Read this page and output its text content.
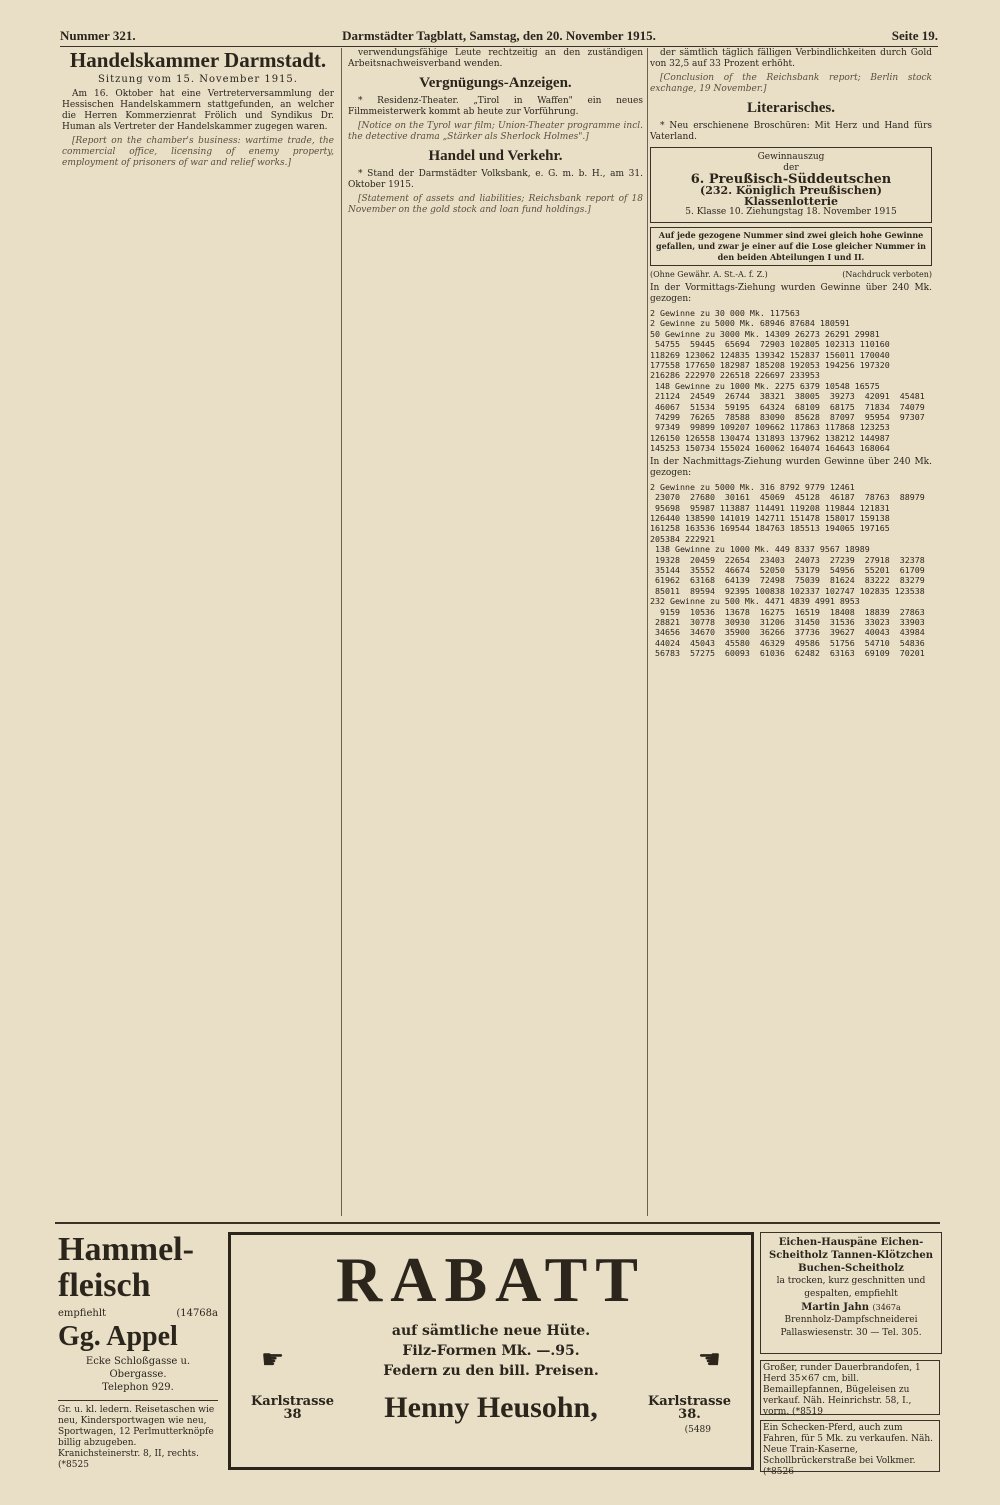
Nummer 321.	Darmstädter Tagblatt, Samstag, den 20. November 1915.	Seite 19.
Handelskammer Darmstadt.
Sitzung vom 15. November 1915.

Am 16. Oktober hat eine Vertreterversammlung der Hessischen Handelskammern stattgefunden, an welcher die Herren Kommerzienrat Frölich und Syndikus Dr. Human als Vertreter der Handelskammer zugegen waren.

[Report on the chamber's business: wartime trade, the commercial office, licensing of enemy property, employment of prisoners of war and relief works.]

verwendungsfähige Leute rechtzeitig an den zuständigen Arbeitsnachweisverband wenden.

Vergnügungs-Anzeigen.

* Residenz-Theater. „Tirol in Waffen" ein neues Filmmeisterwerk kommt ab heute zur Vorführung.

[Notice on the Tyrol war film; Union-Theater programme incl. the detective drama „Stärker als Sherlock Holmes".]

Handel und Verkehr.

* Stand der Darmstädter Volksbank, e. G. m. b. H., am 31. Oktober 1915.

[Statement of assets and liabilities; Reichsbank report of 18 November on the gold stock and loan fund holdings.]

der sämtlich täglich fälligen Verbindlichkeiten durch Gold von 32,5 auf 33 Prozent erhöht.

[Conclusion of the Reichsbank report; Berlin stock exchange, 19 November.]

Literarisches.

* Neu erschienene Broschüren: Mit Herz und Hand fürs Vaterland.

Gewinnauszug
der
6. Preußisch-Süddeutschen
(232. Königlich Preußischen) Klassenlotterie
5. Klasse 10. Ziehungstag 18. November 1915
Auf jede gezogene Nummer sind zwei gleich hohe Gewinne gefallen, und zwar je einer auf die Lose gleicher Nummer in den beiden Abteilungen I und II.
(Ohne Gewähr. A. St.-A. f. Z.)	(Nachdruck verboten)
In der Vormittags-Ziehung wurden Gewinne über 240 Mk. gezogen:
2 Gewinne zu 30 000 Mk. 117563
2 Gewinne zu 5000 Mk. 68946 87684 180591
50 Gewinne zu 3000 Mk. 14309 26273 26291 29981
54755  59445  65694  72903 102805 102313 110160
118269 123062 124835 139342 152837 156011 170040
177558 177650 182987 185208 192053 194256 197320
216286 222970 226518 226697 233953
148 Gewinne zu 1000 Mk. 2275 6379 10548 16575
21124  24549  26744  38321  38005  39273  42091  45481
46067  51534  59195  64324  68109  68175  71834  74079
74299  76265  78588  83090  85628  87097  95954  97307
97349  99899 109207 109662 117863 117868 123253
126150 126558 130474 131893 137962 138212 144987
145253 150734 155024 160062 164074 164643 168064
In der Nachmittags-Ziehung wurden Gewinne über 240 Mk. gezogen:
2 Gewinne zu 5000 Mk. 316 8792 9779 12461
23070  27680  30161  45069  45128  46187  78763  88979
95698  95987 113887 114491 119208 119844 121831
126440 138590 141019 142711 151478 158017 159138
161258 163536 169544 184763 185513 194065 197165
205384 222921
138 Gewinne zu 1000 Mk. 449 8337 9567 18989
19328  20459  22654  23403  24073  27239  27918  32378
35144  35552  46674  52050  53179  54956  55201  61709
61962  63168  64139  72498  75039  81624  83222  83279
85011  89594  92395 100838 102337 102747 102835 123538
232 Gewinne zu 500 Mk. 4471 4839 4991 8953
9159  10536  13678  16275  16519  18408  18839  27863
28821  30778  30930  31206  31450  31536  33023  33903
34656  34670  35900  36266  37736  39627  40043  43984
44024  45043  45580  46329  49586  51756  54710  54836
56783  57275  60093  61036  62482  63163  69109  70201
Hammel-
fleisch
empfiehlt	(14768a
Gg. Appel
Ecke Schloßgasse u. Obergasse.
Telephon 929.
Gr. u. kl. ledern. Reisetaschen wie neu, Kindersportwagen wie neu, Sportwagen, 12 Perlmutterknöpfe billig abzugeben. Kranichsteinerstr. 8, II, rechts. (*8525
RABATT
☛	☚
auf sämtliche neue Hüte.
Filz-Formen Mk. —.95.
Federn zu den bill. Preisen.
Karlstrasse
38	Henny Heusohn,	Karlstrasse
38.
(5489
Eichen-Hauspäne Eichen-Scheitholz Tannen-Klötzchen Buchen-Scheitholz
la trocken, kurz geschnitten und gespalten, empfiehlt
Martin Jahn (3467a
Brennholz-Dampfschneiderei
Pallaswiesenstr. 30 — Tel. 305.
Großer, runder Dauerbrandofen, 1 Herd 35×67 cm, bill. Bemaillepfannen, Bügeleisen zu verkauf. Näh. Heinrichstr. 58, I., vorm. (*8519
Ein Schecken-Pferd, auch zum Fahren, für 5 Mk. zu verkaufen. Näh. Neue Train-Kaserne, Schollbrückerstraße bei Volkmer. (*8526
